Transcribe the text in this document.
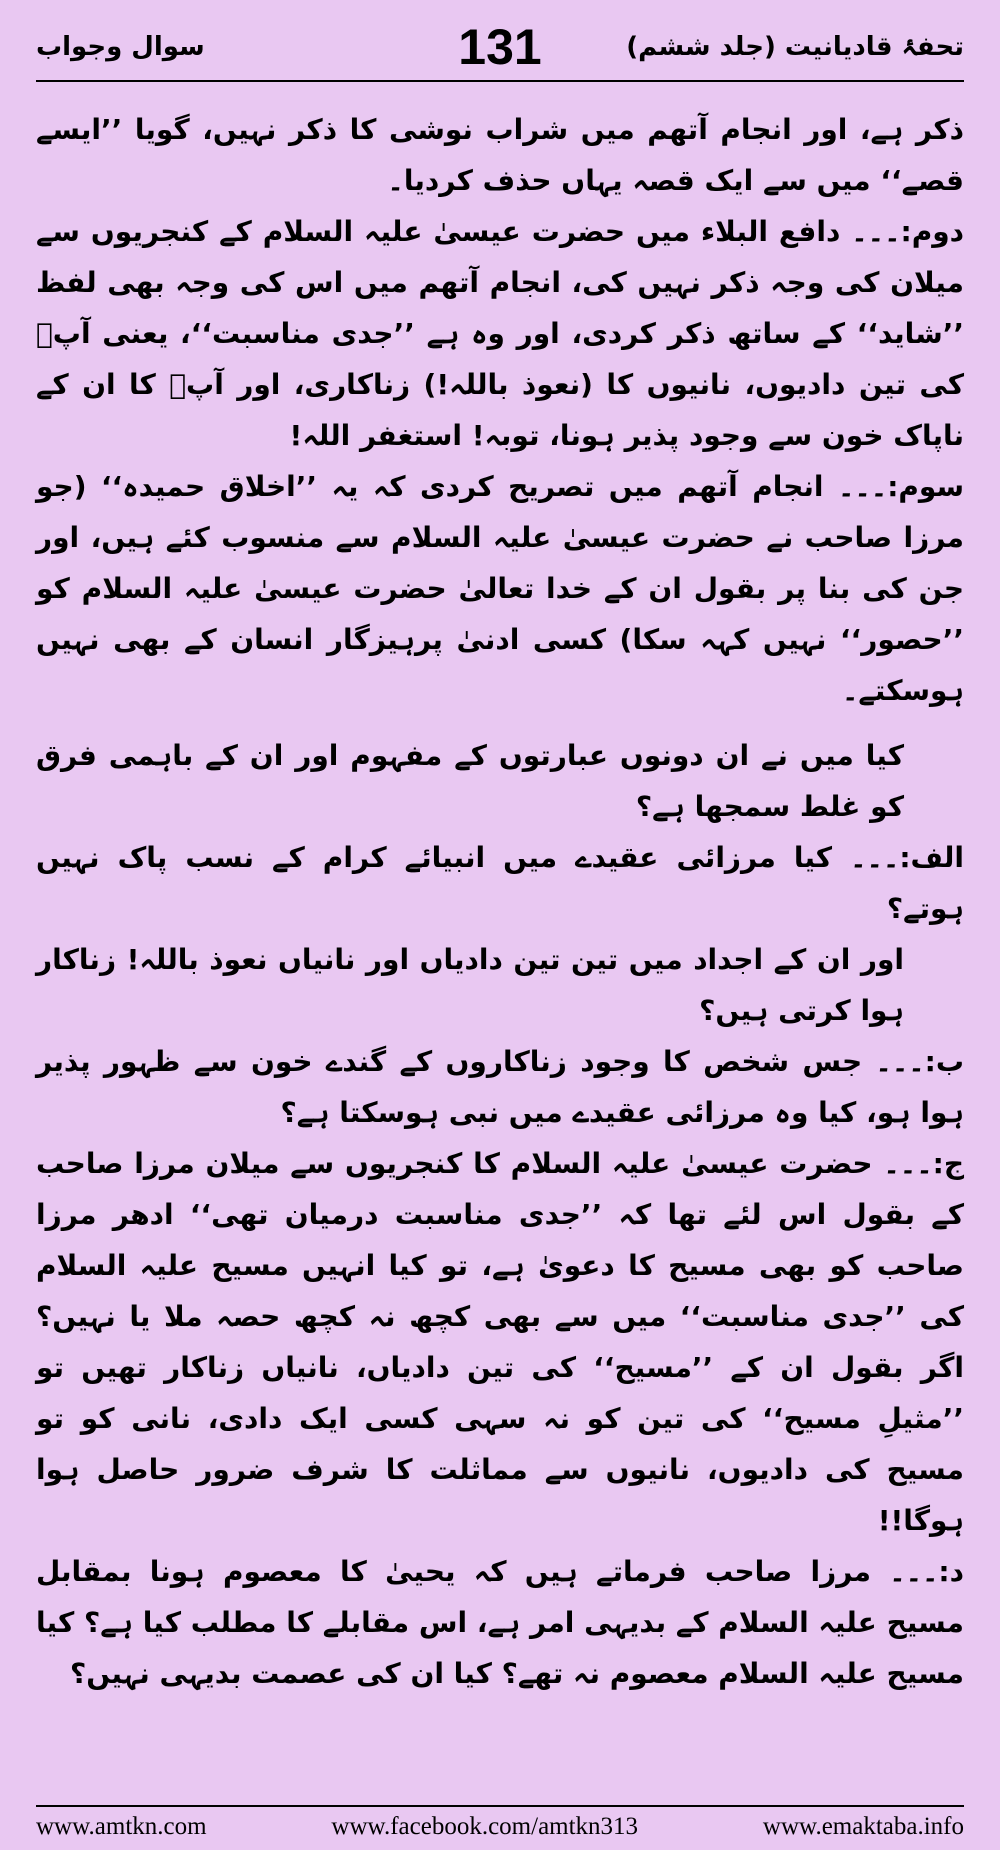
تحفۂ قادیانیت (جلد ششم)
131
سوال وجواب

ذکر ہے، اور انجام آتھم میں شراب نوشی کا ذکر نہیں، گویا ’’ایسے قصے‘‘ میں سے ایک قصہ یہاں حذف کردیا۔

دوم:۔۔۔ دافع البلاء میں حضرت عیسیٰ علیہ السلام کے کنجریوں سے میلان کی وجہ ذکر نہیں کی، انجام آتھم میں اس کی وجہ بھی لفظ ’’شاید‘‘ کے ساتھ ذکر کردی، اور وہ ہے ’’جدی مناسبت‘‘، یعنی آپؑ کی تین دادیوں، نانیوں کا (نعوذ باللہ!) زناکاری، اور آپؑ کا ان کے ناپاک خون سے وجود پذیر ہونا، توبہ! استغفر اللہ!

سوم:۔۔۔ انجام آتھم میں تصریح کردی کہ یہ ’’اخلاق حمیدہ‘‘ (جو مرزا صاحب نے حضرت عیسیٰ علیہ السلام سے منسوب کئے ہیں، اور جن کی بنا پر بقول ان کے خدا تعالیٰ حضرت عیسیٰ علیہ السلام کو ’’حصور‘‘ نہیں کہہ سکا) کسی ادنیٰ پرہیزگار انسان کے بھی نہیں ہوسکتے۔

کیا میں نے ان دونوں عبارتوں کے مفہوم اور ان کے باہمی فرق کو غلط سمجھا ہے؟

الف:۔۔۔ کیا مرزائی عقیدے میں انبیائے کرام کے نسب پاک نہیں ہوتے؟

اور ان کے اجداد میں تین تین دادیاں اور نانیاں نعوذ باللہ! زناکار ہوا کرتی ہیں؟

ب:۔۔۔ جس شخص کا وجود زناکاروں کے گندے خون سے ظہور پذیر ہوا ہو، کیا وہ مرزائی عقیدے میں نبی ہوسکتا ہے؟

ج:۔۔۔ حضرت عیسیٰ علیہ السلام کا کنجریوں سے میلان مرزا صاحب کے بقول اس لئے تھا کہ ’’جدی مناسبت درمیان تھی‘‘ ادھر مرزا صاحب کو بھی مسیح کا دعویٰ ہے، تو کیا انہیں مسیح علیہ السلام کی ’’جدی مناسبت‘‘ میں سے بھی کچھ نہ کچھ حصہ ملا یا نہیں؟ اگر بقول ان کے ’’مسیح‘‘ کی تین دادیاں، نانیاں زناکار تھیں تو ’’مثیلِ مسیح‘‘ کی تین کو نہ سہی کسی ایک دادی، نانی کو تو مسیح کی دادیوں، نانیوں سے مماثلت کا شرف ضرور حاصل ہوا ہوگا!!

د:۔۔۔ مرزا صاحب فرماتے ہیں کہ یحییٰ کا معصوم ہونا بمقابل مسیح علیہ السلام کے بدیہی امر ہے، اس مقابلے کا مطلب کیا ہے؟ کیا مسیح علیہ السلام معصوم نہ تھے؟ کیا ان کی عصمت بدیہی نہیں؟

www.amtkn.com	www.facebook.com/amtkn313	www.emaktaba.info
